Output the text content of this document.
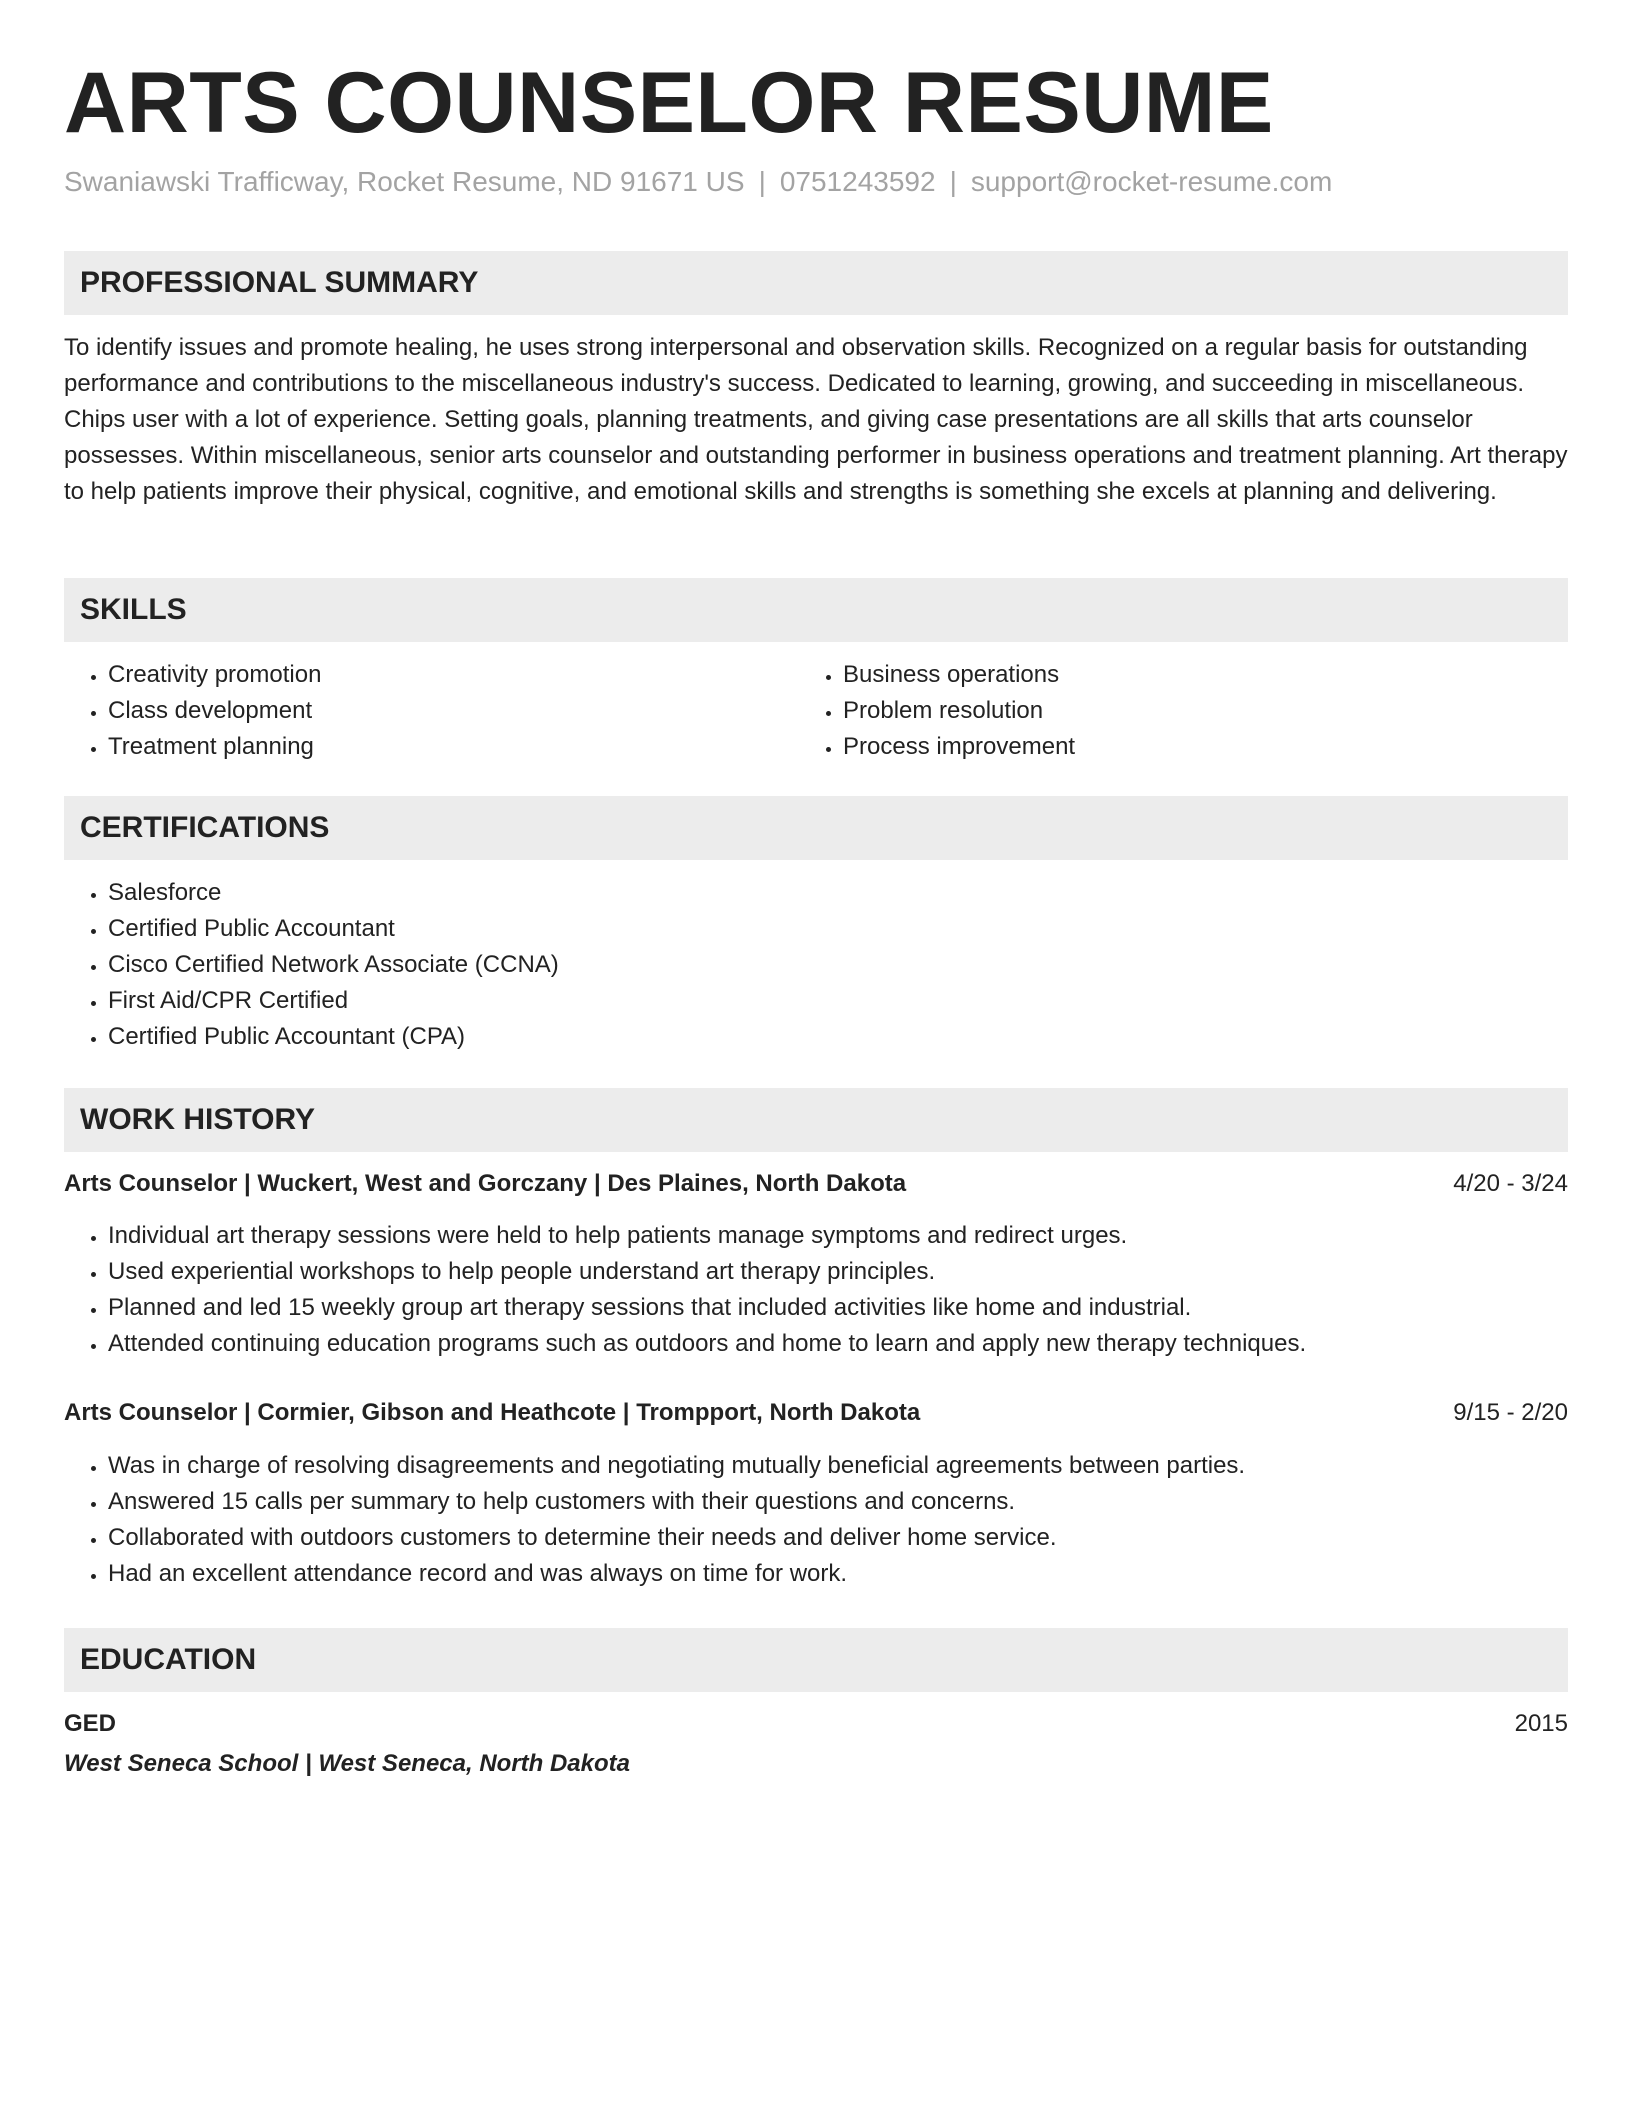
ARTS COUNSELOR RESUME
Swaniawski Trafficway, Rocket Resume, ND 91671 US | 0751243592 | support@rocket-resume.com
PROFESSIONAL SUMMARY
To identify issues and promote healing, he uses strong interpersonal and observation skills. Recognized on a regular basis for outstanding performance and contributions to the miscellaneous industry's success. Dedicated to learning, growing, and succeeding in miscellaneous. Chips user with a lot of experience. Setting goals, planning treatments, and giving case presentations are all skills that arts counselor possesses. Within miscellaneous, senior arts counselor and outstanding performer in business operations and treatment planning. Art therapy to help patients improve their physical, cognitive, and emotional skills and strengths is something she excels at planning and delivering.
SKILLS
• Creativity promotion
• Class development
• Treatment planning
• Business operations
• Problem resolution
• Process improvement
CERTIFICATIONS
• Salesforce
• Certified Public Accountant
• Cisco Certified Network Associate (CCNA)
• First Aid/CPR Certified
• Certified Public Accountant (CPA)
WORK HISTORY
Arts Counselor | Wuckert, West and Gorczany | Des Plaines, North Dakota	4/20 - 3/24
• Individual art therapy sessions were held to help patients manage symptoms and redirect urges.
• Used experiential workshops to help people understand art therapy principles.
• Planned and led 15 weekly group art therapy sessions that included activities like home and industrial.
• Attended continuing education programs such as outdoors and home to learn and apply new therapy techniques.
Arts Counselor | Cormier, Gibson and Heathcote | Trompport, North Dakota	9/15 - 2/20
• Was in charge of resolving disagreements and negotiating mutually beneficial agreements between parties.
• Answered 15 calls per summary to help customers with their questions and concerns.
• Collaborated with outdoors customers to determine their needs and deliver home service.
• Had an excellent attendance record and was always on time for work.
EDUCATION
GED	2015
West Seneca School | West Seneca, North Dakota
